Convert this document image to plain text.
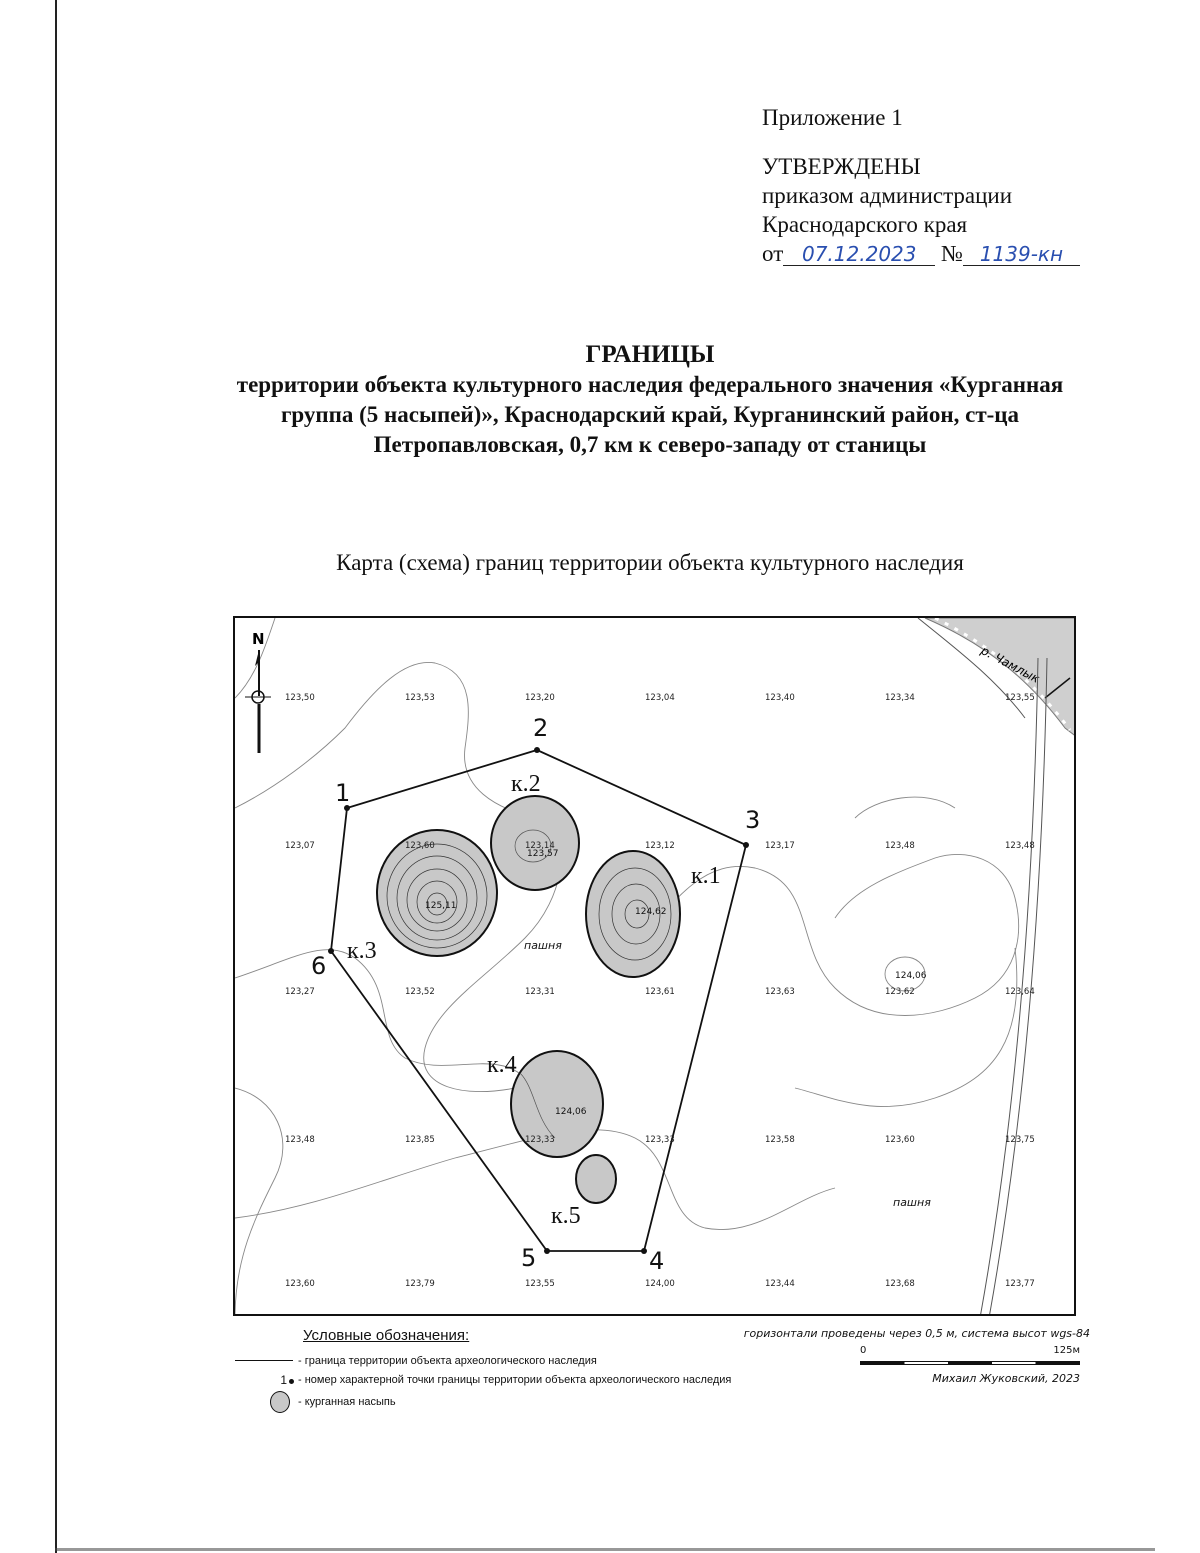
Приложение 1
УТВЕРЖДЕНЫ
приказом администрации
Краснодарского края
от 07.12.2023 № 1139-кн
ГРАНИЦЫ
территории объекта культурного наследия федерального значения «Курганная группа (5 насыпей)», Краснодарский край, Курганинский район, ст-ца Петропавловская, 0,7 км к северо-западу от станицы
Карта (схема) границ территории объекта культурного наследия
р. Чамлык
1
2
3
4
5
6
к.1
к.2
к.3
к.4
к.5
125,11
123,57
124,62
124,06
124,06
пашня
пашня
123,50	123,53	123,20	123,04	123,40	123,34	123,55
123,07	123,60	123,14	123,12	123,17	123,48	123,48
123,27	123,52	123,31	123,61	123,63	123,62	123,64
123,48	123,85	123,33	123,33	123,58	123,60	123,75
123,60	123,79	123,55	124,00	123,44	123,68	123,77
N
Условные обозначения:
- граница территории объекта археологического наследия
1 - номер характерной точки границы территории объекта археологического наследия
- курганная насыпь
горизонтали проведены через 0,5 м, система высот wgs-84
0	125м
Михаил Жуковский, 2023
